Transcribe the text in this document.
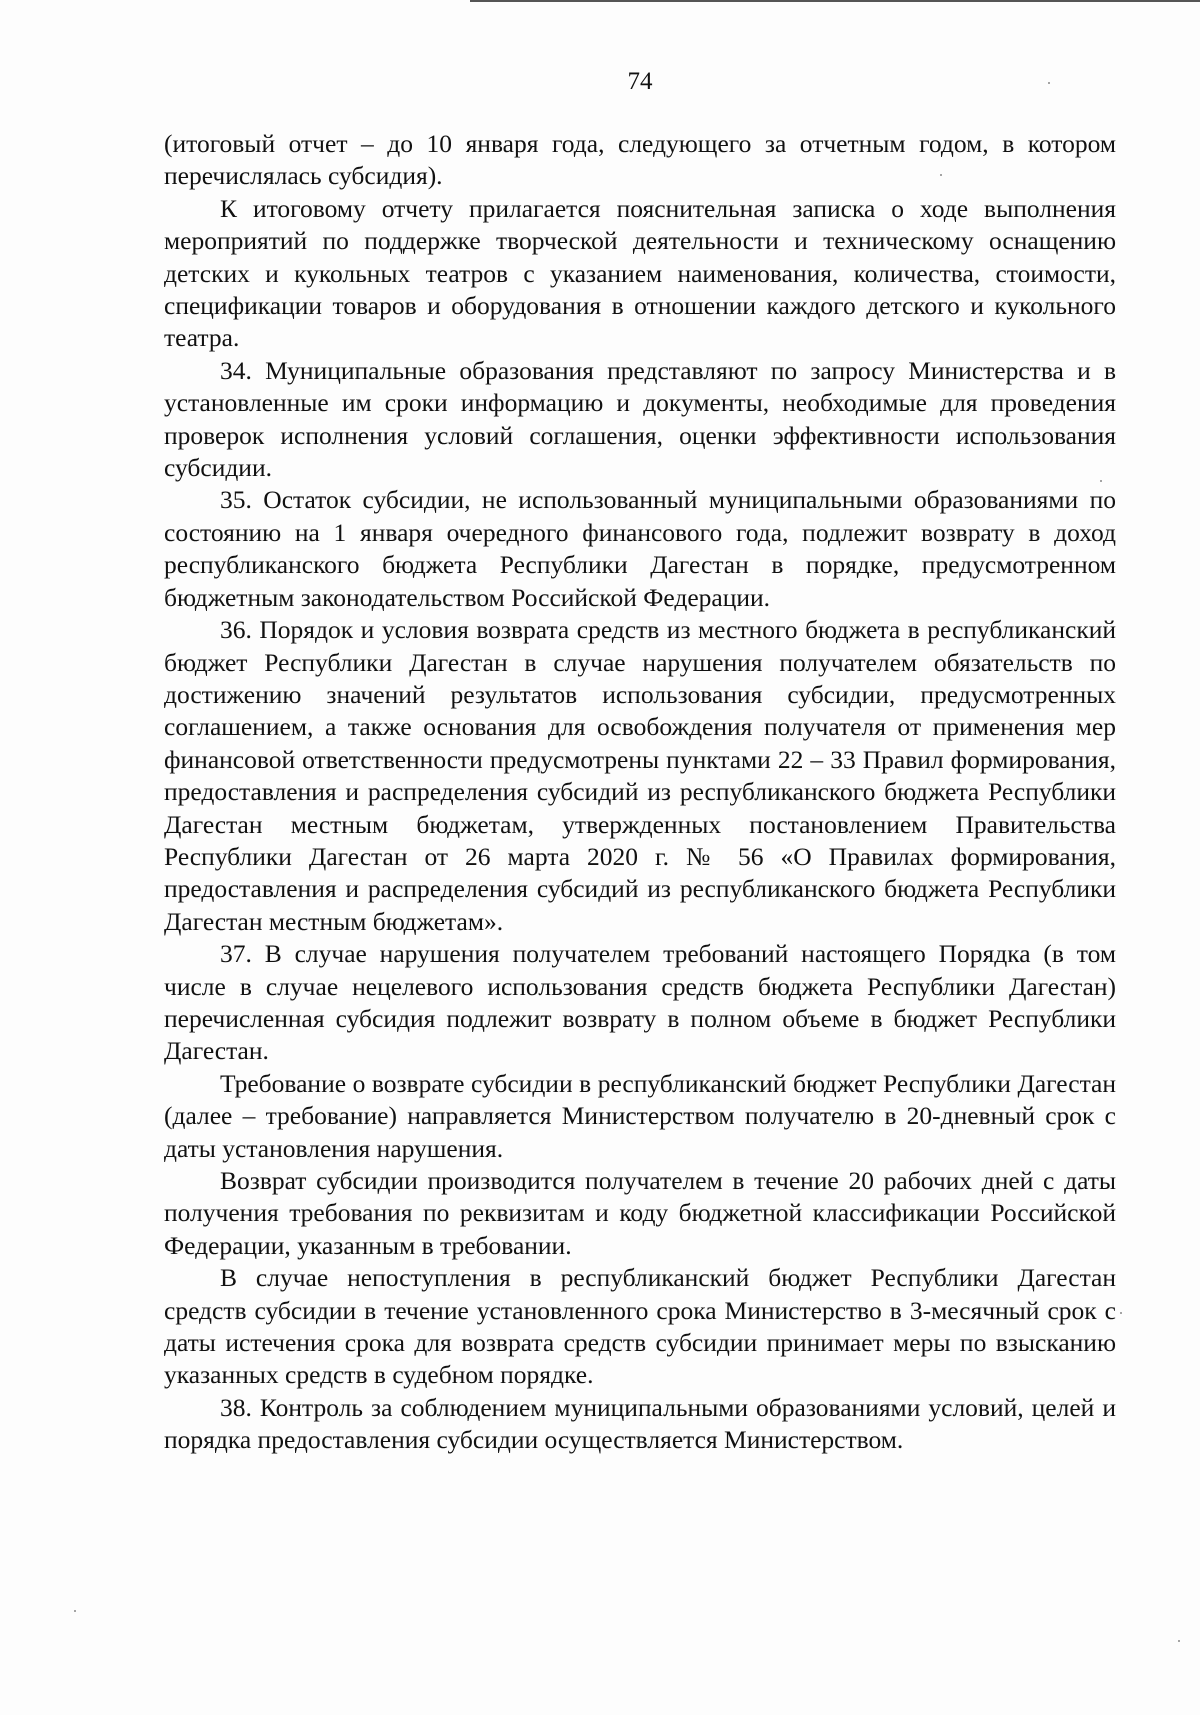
74

(итоговый отчет – до 10 января года, следующего за отчетным годом, в котором перечислялась субсидия).

К итоговому отчету прилагается пояснительная записка о ходе выполнения мероприятий по поддержке творческой деятельности и техническому оснащению детских и кукольных театров с указанием наименования, количества, стоимости, спецификации товаров и оборудования в отношении каждого детского и кукольного театра.

34. Муниципальные образования представляют по запросу Министерства и в установленные им сроки информацию и документы, необходимые для проведения проверок исполнения условий соглашения, оценки эффективности использования субсидии.

35. Остаток субсидии, не использованный муниципальными образованиями по состоянию на 1 января очередного финансового года, подлежит возврату в доход республиканского бюджета Республики Дагестан в порядке, предусмотренном бюджетным законодательством Российской Федерации.

36. Порядок и условия возврата средств из местного бюджета в республиканский бюджет Республики Дагестан в случае нарушения получателем обязательств по достижению значений результатов использования субсидии, предусмотренных соглашением, а также основания для освобождения получателя от применения мер финансовой ответственности предусмотрены пунктами 22 – 33 Правил формирования, предоставления и распределения субсидий из республиканского бюджета Республики Дагестан местным бюджетам, утвержденных постановлением Правительства Республики Дагестан от 26 марта 2020 г. № 56 «О Правилах формирования, предоставления и распределения субсидий из республиканского бюджета Республики Дагестан местным бюджетам».

37. В случае нарушения получателем требований настоящего Порядка (в том числе в случае нецелевого использования средств бюджета Республики Дагестан) перечисленная субсидия подлежит возврату в полном объеме в бюджет Республики Дагестан.

Требование о возврате субсидии в республиканский бюджет Республики Дагестан (далее – требование) направляется Министерством получателю в 20-дневный срок с даты установления нарушения.

Возврат субсидии производится получателем в течение 20 рабочих дней с даты получения требования по реквизитам и коду бюджетной классификации Российской Федерации, указанным в требовании.

В случае непоступления в республиканский бюджет Республики Дагестан средств субсидии в течение установленного срока Министерство в 3-месячный срок с даты истечения срока для возврата средств субсидии принимает меры по взысканию указанных средств в судебном порядке.

38. Контроль за соблюдением муниципальными образованиями условий, целей и порядка предоставления субсидии осуществляется Министерством.
